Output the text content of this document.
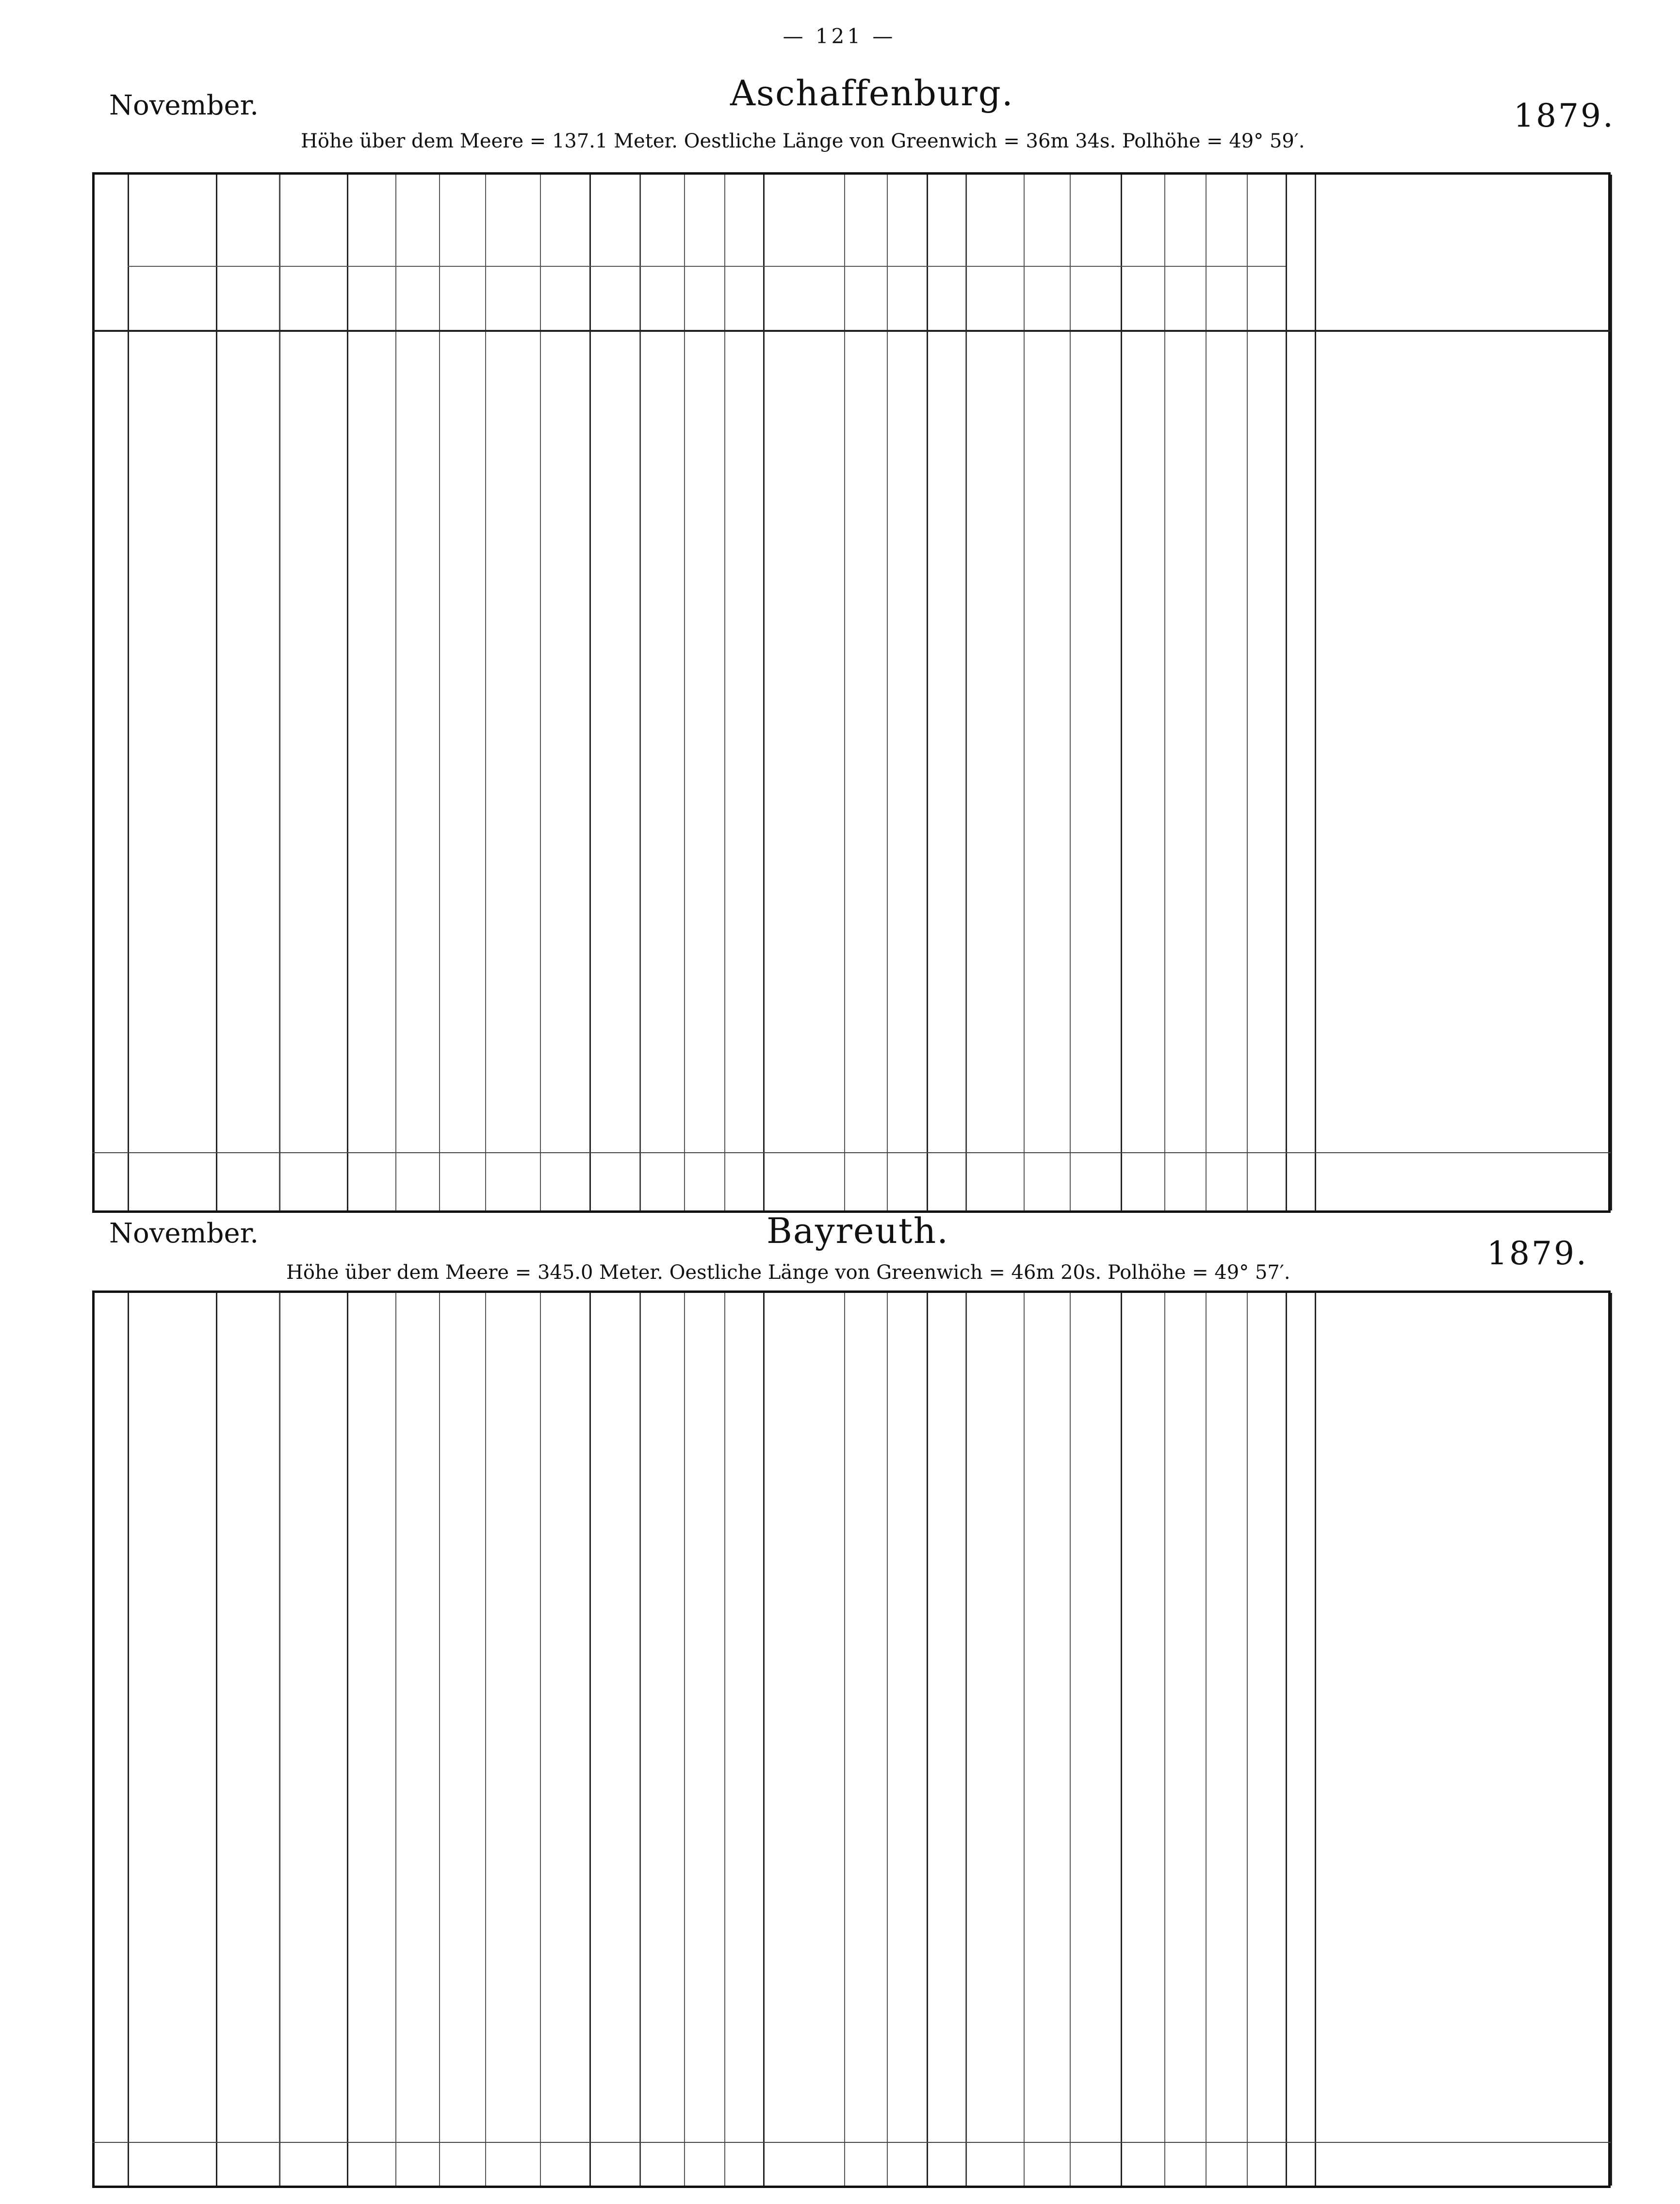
— 121 —
November.	Aschaffenburg.
1879.
Höhe über dem Meere = 137.1 Meter. Oestliche Länge von Greenwich = 36m 34s. Polhöhe = 49° 59′.
November.	Bayreuth.
1879.
Höhe über dem Meere = 345.0 Meter. Oestliche Länge von Greenwich = 46m 20s. Polhöhe = 49° 57′.
